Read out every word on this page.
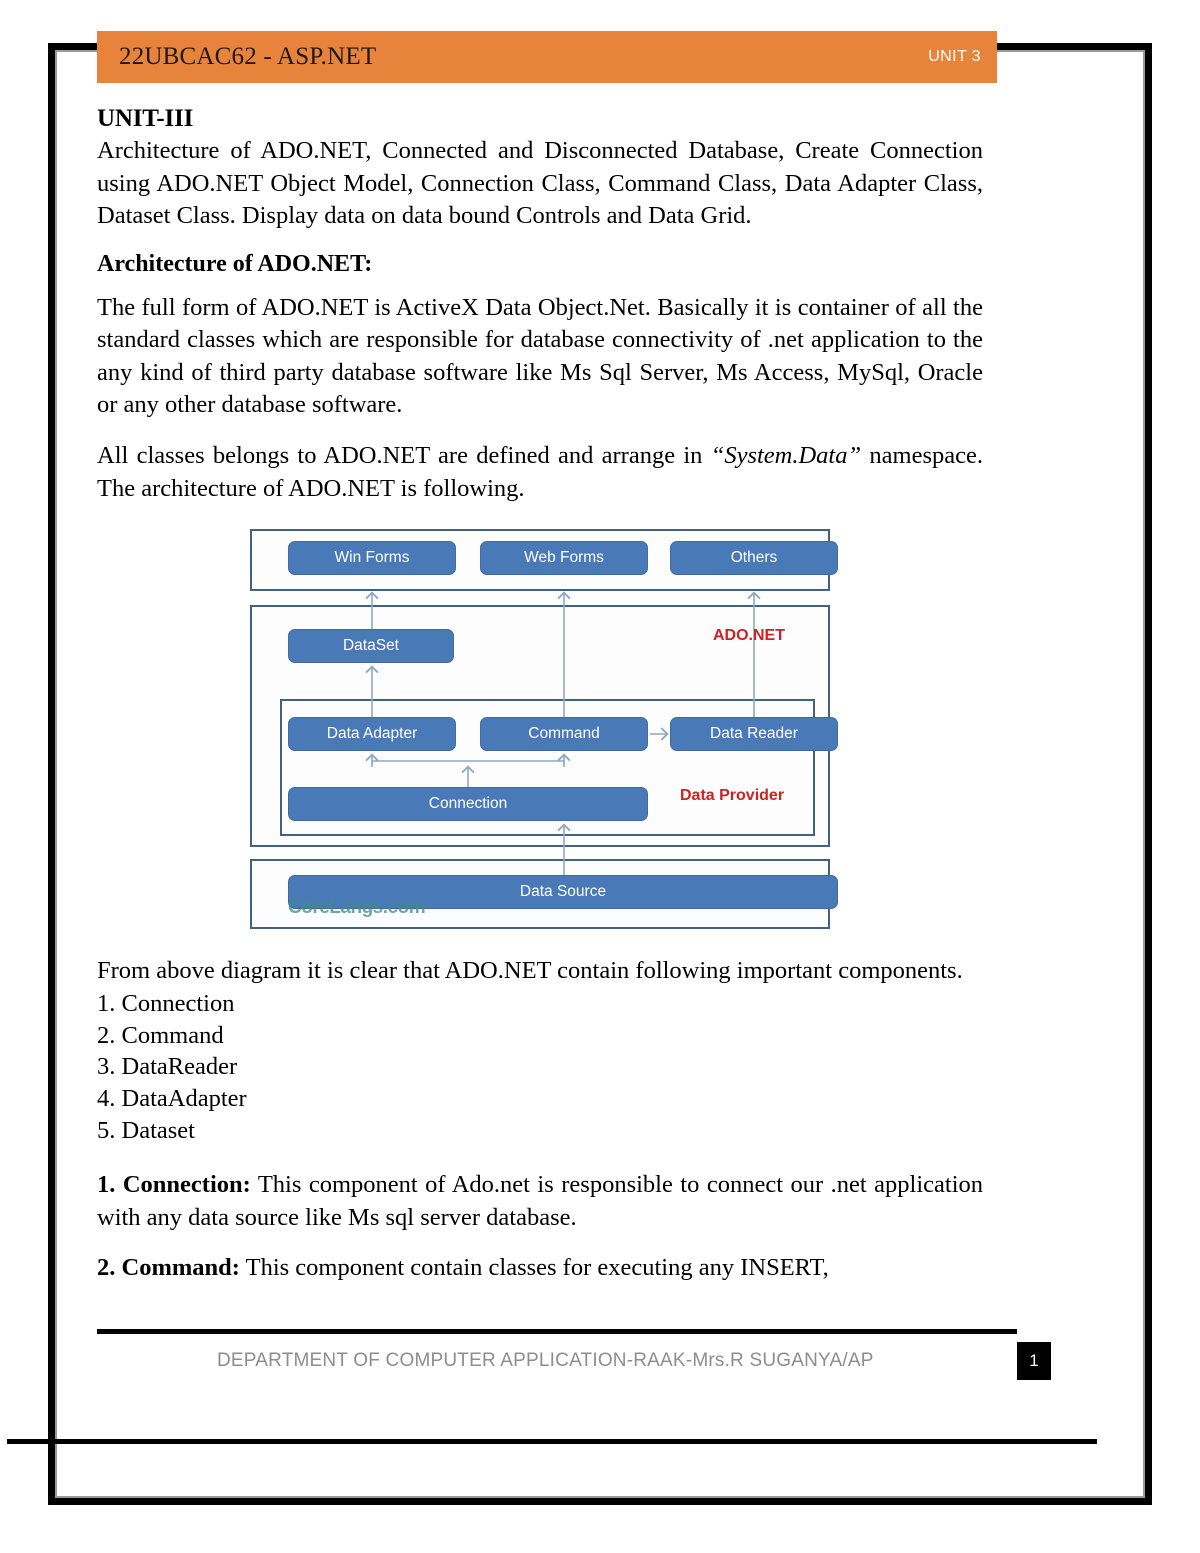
22UBCAC62 - ASP.NET	UNIT 3
UNIT-III

Architecture of ADO.NET, Connected and Disconnected Database, Create Connection using ADO.NET Object Model, Connection Class, Command Class, Data Adapter Class, Dataset Class. Display data on data bound Controls and Data Grid.

Architecture of ADO.NET:

The full form of ADO.NET is ActiveX Data Object.Net. Basically it is container of all the standard classes which are responsible for database connectivity of .net application to the any kind of third party database software like Ms Sql Server, Ms Access, MySql, Oracle or any other database software.

All classes belongs to ADO.NET are defined and arrange in “System.Data” namespace. The architecture of ADO.NET is following.

Win Forms	Web Forms	Others
DataSet
ADO.NET
Data Adapter	Command	Data Reader
Connection	Data Provider
Data Source
CoreLangs.com

From above diagram it is clear that ADO.NET contain following important components.

1. Connection
2. Command
3. DataReader
4. DataAdapter
5. Dataset

1. Connection: This component of Ado.net is responsible to connect our .net application with any data source like Ms sql server database.

2. Command: This component contain classes for executing any INSERT,

DEPARTMENT OF COMPUTER APPLICATION-RAAK-Mrs.R SUGANYA/AP	1
